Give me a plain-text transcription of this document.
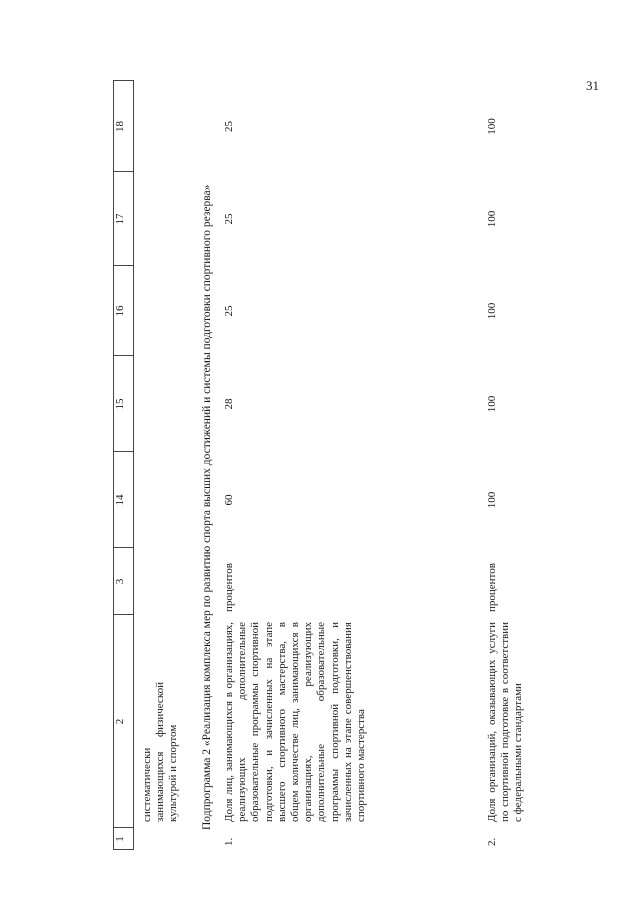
31
1
2
3
14
15
16
17
18
систематически занимающихся физической культурой и спортом Подпрограмма 2 «Реализация комплекса мер по развитию спорта высших достижений и системы подготовки спортивного резерва»
1.
Доля лиц, занимающихся в организациях, реализующих дополнительные образовательные программы спортивной подготовки, и зачисленных на этапе высшего спортивного мастерства, в общем количестве лиц, занимающихся в организациях, реализующих дополнительные образовательные программы спортивной подготовки, и зачисленных на этапе совершенствования спортивного мастерства
процентов
60
28
25
25
25
2.
Доля организаций, оказывающих услуги по спортивной подготовке в соответствии с федеральными стандартами
процентов
100
100
100
100
100
